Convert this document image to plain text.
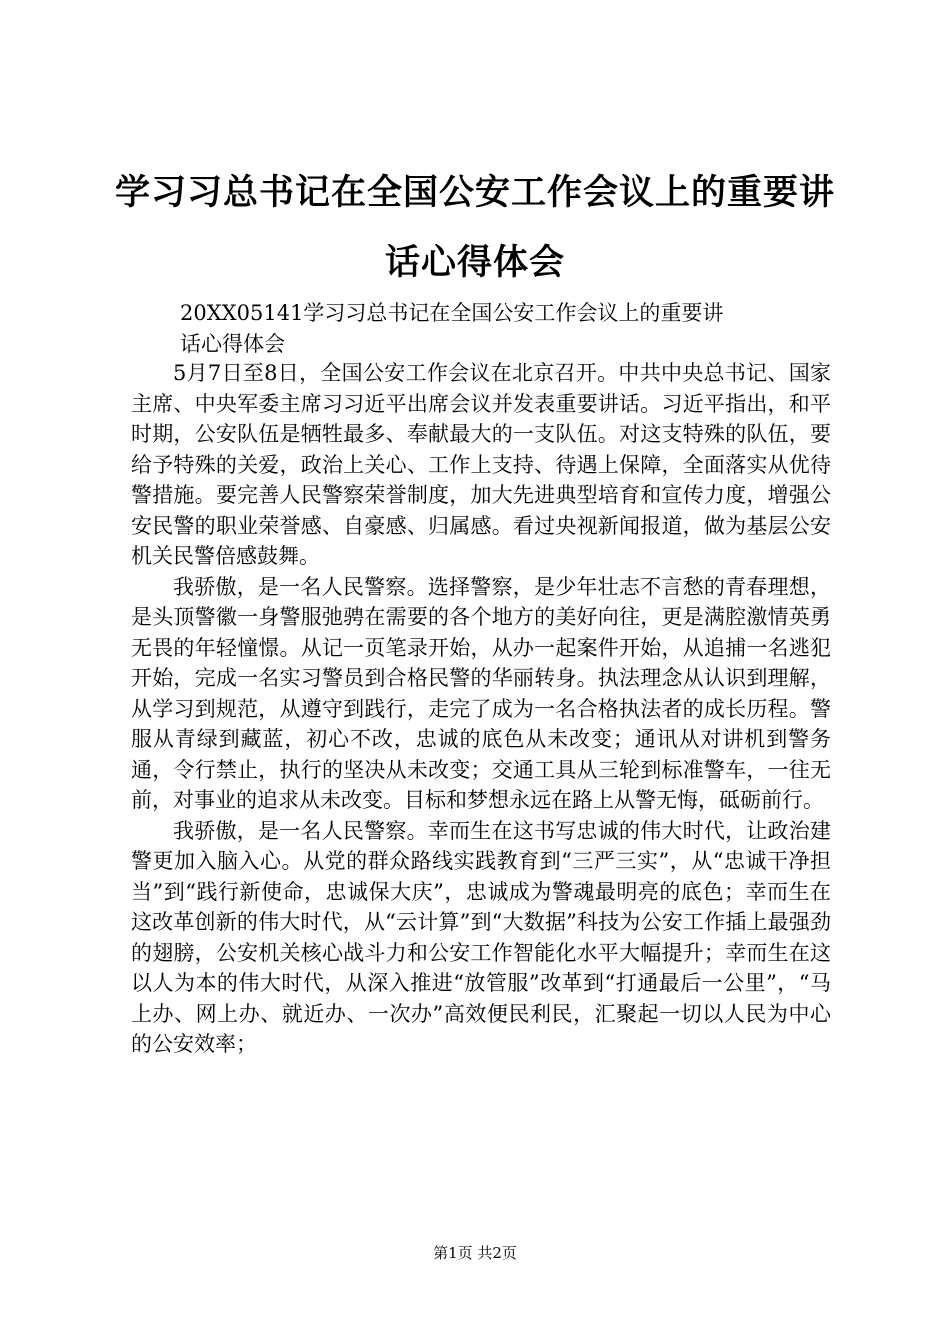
学习习总书记在全国公安工作会议上的重要讲话心得体会

20XX05141学习习总书记在全国公安工作会议上的重要讲话心得体会

5月7日至8日，全国公安工作会议在北京召开。中共中央总书记、国家主席、中央军委主席习习近平出席会议并发表重要讲话。习近平指出，和平时期，公安队伍是牺牲最多、奉献最大的一支队伍。对这支特殊的队伍，要给予特殊的关爱，政治上关心、工作上支持、待遇上保障，全面落实从优待警措施。要完善人民警察荣誉制度，加大先进典型培育和宣传力度，增强公安民警的职业荣誉感、自豪感、归属感。看过央视新闻报道，做为基层公安机关民警倍感鼓舞。

我骄傲，是一名人民警察。选择警察，是少年壮志不言愁的青春理想，是头顶警徽一身警服弛骋在需要的各个地方的美好向往，更是满腔激情英勇无畏的年轻憧憬。从记一页笔录开始，从办一起案件开始，从追捕一名逃犯开始，完成一名实习警员到合格民警的华丽转身。执法理念从认识到理解，从学习到规范，从遵守到践行，走完了成为一名合格执法者的成长历程。警服从青绿到藏蓝，初心不改，忠诚的底色从未改变；通讯从对讲机到警务通，令行禁止，执行的坚决从未改变；交通工具从三轮到标准警车，一往无前，对事业的追求从未改变。目标和梦想永远在路上从警无悔，砥砺前行。

我骄傲，是一名人民警察。幸而生在这书写忠诚的伟大时代，让政治建警更加入脑入心。从党的群众路线实践教育到“三严三实”，从“忠诚干净担当”到“践行新使命，忠诚保大庆”，忠诚成为警魂最明亮的底色；幸而生在这改革创新的伟大时代，从“云计算”到“大数据”科技为公安工作插上最强劲的翅膀，公安机关核心战斗力和公安工作智能化水平大幅提升；幸而生在这以人为本的伟大时代，从深入推进“放管服”改革到“打通最后一公里”，“马上办、网上办、就近办、一次办”高效便民利民，汇聚起一切以人民为中心的公安效率；

第1页 共2页
